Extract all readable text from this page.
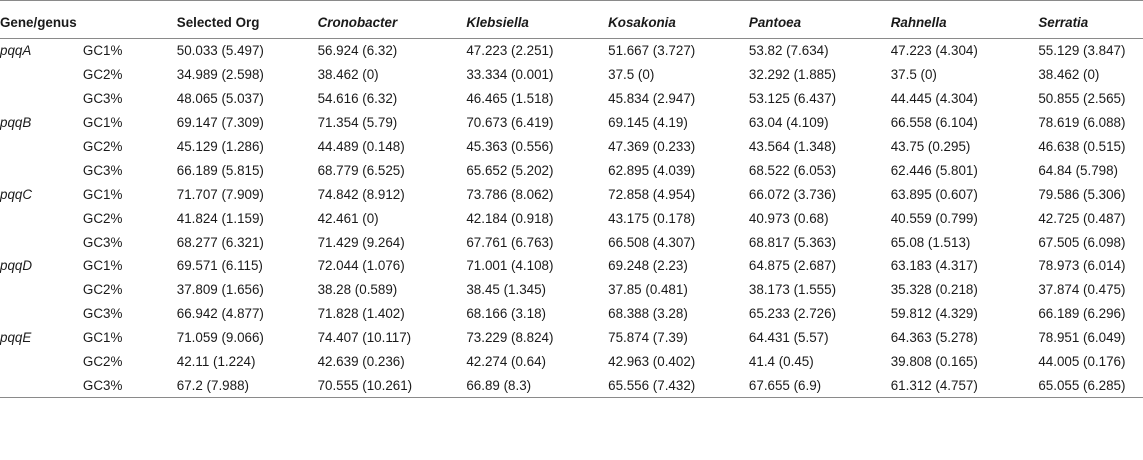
Gene/genus		Selected Org	Cronobacter	Klebsiella	Kosakonia	Pantoea	Rahnella	Serratia
pqqA	GC1%	50.033 (5.497)	56.924 (6.32)	47.223 (2.251)	51.667 (3.727)	53.82 (7.634)	47.223 (4.304)	55.129 (3.847)
	GC2%	34.989 (2.598)	38.462 (0)	33.334 (0.001)	37.5 (0)	32.292 (1.885)	37.5 (0)	38.462 (0)
	GC3%	48.065 (5.037)	54.616 (6.32)	46.465 (1.518)	45.834 (2.947)	53.125 (6.437)	44.445 (4.304)	50.855 (2.565)
pqqB	GC1%	69.147 (7.309)	71.354 (5.79)	70.673 (6.419)	69.145 (4.19)	63.04 (4.109)	66.558 (6.104)	78.619 (6.088)
	GC2%	45.129 (1.286)	44.489 (0.148)	45.363 (0.556)	47.369 (0.233)	43.564 (1.348)	43.75 (0.295)	46.638 (0.515)
	GC3%	66.189 (5.815)	68.779 (6.525)	65.652 (5.202)	62.895 (4.039)	68.522 (6.053)	62.446 (5.801)	64.84 (5.798)
pqqC	GC1%	71.707 (7.909)	74.842 (8.912)	73.786 (8.062)	72.858 (4.954)	66.072 (3.736)	63.895 (0.607)	79.586 (5.306)
	GC2%	41.824 (1.159)	42.461 (0)	42.184 (0.918)	43.175 (0.178)	40.973 (0.68)	40.559 (0.799)	42.725 (0.487)
	GC3%	68.277 (6.321)	71.429 (9.264)	67.761 (6.763)	66.508 (4.307)	68.817 (5.363)	65.08 (1.513)	67.505 (6.098)
pqqD	GC1%	69.571 (6.115)	72.044 (1.076)	71.001 (4.108)	69.248 (2.23)	64.875 (2.687)	63.183 (4.317)	78.973 (6.014)
	GC2%	37.809 (1.656)	38.28 (0.589)	38.45 (1.345)	37.85 (0.481)	38.173 (1.555)	35.328 (0.218)	37.874 (0.475)
	GC3%	66.942 (4.877)	71.828 (1.402)	68.166 (3.18)	68.388 (3.28)	65.233 (2.726)	59.812 (4.329)	66.189 (6.296)
pqqE	GC1%	71.059 (9.066)	74.407 (10.117)	73.229 (8.824)	75.874 (7.39)	64.431 (5.57)	64.363 (5.278)	78.951 (6.049)
	GC2%	42.11 (1.224)	42.639 (0.236)	42.274 (0.64)	42.963 (0.402)	41.4 (0.45)	39.808 (0.165)	44.005 (0.176)
	GC3%	67.2 (7.988)	70.555 (10.261)	66.89 (8.3)	65.556 (7.432)	67.655 (6.9)	61.312 (4.757)	65.055 (6.285)
